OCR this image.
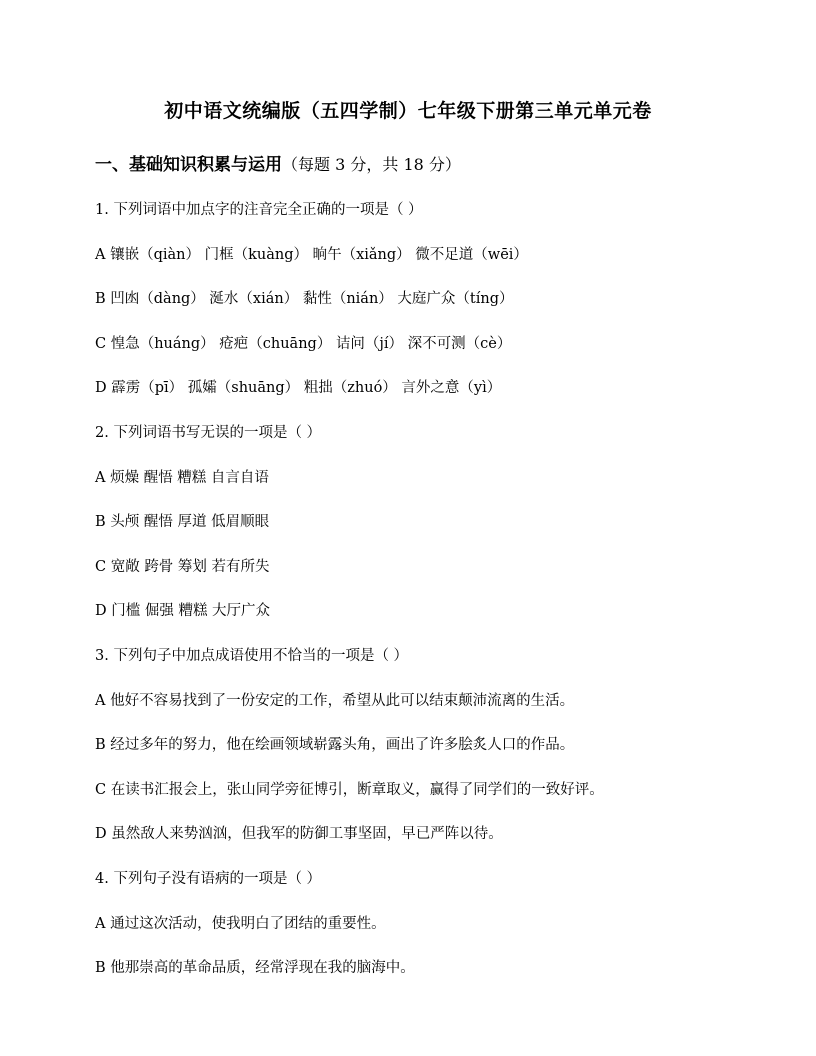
初中语文统编版（五四学制）七年级下册第三单元单元卷
一、基础知识积累与运用（每题 3 分，共 18 分）
1. 下列词语中加点字的注音完全正确的一项是（ ）
A 镶嵌（qiàn） 门框（kuàng） 晌午（xiǎng） 微不足道（wēi）
B 凹凼（dàng） 涎水（xián） 黏性（nián） 大庭广众（tíng）
C 惶急（huáng） 疮疤（chuāng） 诘问（jí） 深不可测（cè）
D 霹雳（pī） 孤孀（shuāng） 粗拙（zhuó） 言外之意（yì）
2. 下列词语书写无误的一项是（ ）
A 烦燥 醒悟 糟糕 自言自语
B 头颅 醒悟 厚道 低眉顺眼
C 宽敞 跨骨 筹划 若有所失
D 门槛 倔强 糟糕 大厅广众
3. 下列句子中加点成语使用不恰当的一项是（ ）
A 他好不容易找到了一份安定的工作，希望从此可以结束颠沛流离的生活。
B 经过多年的努力，他在绘画领域崭露头角，画出了许多脍炙人口的作品。
C 在读书汇报会上，张山同学旁征博引，断章取义，赢得了同学们的一致好评。
D 虽然敌人来势汹汹，但我军的防御工事坚固，早已严阵以待。
4. 下列句子没有语病的一项是（ ）
A 通过这次活动，使我明白了团结的重要性。
B 他那崇高的革命品质，经常浮现在我的脑海中。
